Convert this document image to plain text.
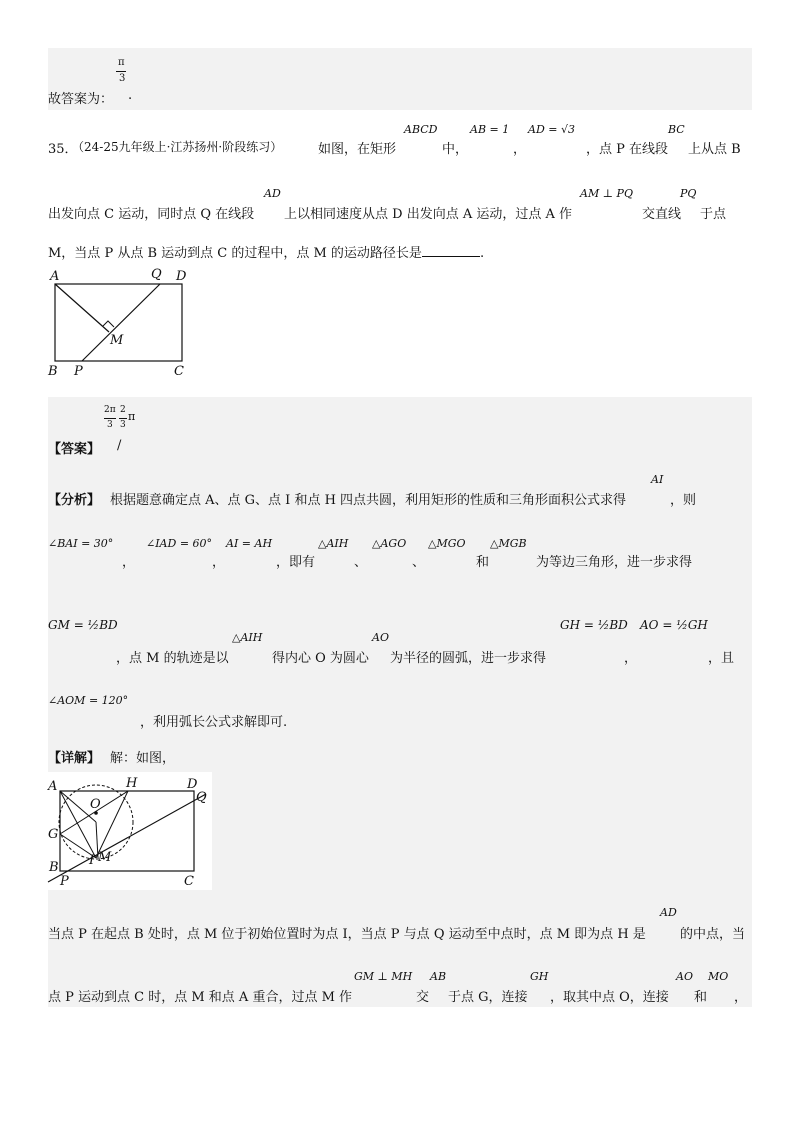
π
3
故答案为： .
35．
（24-25九年级上·江苏扬州·阶段练习）	如图，在矩形
ABCD
中，
AB = 1
，
AD = √3
，点 P 在线段
BC
上从点 B
出发向点 C 运动，同时点 Q 在线段
AD
上以相同速度从点 D 出发向点 A 运动，过点 A 作
AM ⊥ PQ
交直线
PQ
于点
M，当点 P 从点 B 运动到点 C 的过程中，点 M 的运动路径长是	.
A	Q D
M
B P	C
2π
3
2
3
π
【答案】 /
【分析】 根据题意确定点 A、点 G、点 I 和点 H 四点共圆，利用矩形的性质和三角形面积公式求得
AI
，则
∠BAI = 30°
，
∠IAD = 60°
，
AI = AH
，即有
△AIH
、
△AGO
、
△MGO
和
△MGB
为等边三角形，进一步求得
GM = ½BD
，点 M 的轨迹是以
△AIH
得内心 O 为圆心
AO
为半径的圆弧，进一步求得
GH = ½BD
，
AO = ½GH
，且
∠AOM = 120°
，利用弧长公式求解即可.
【详解】 解：如图，
A	H	D
O	Q
G
I M
B
P	C
当点 P 在起点 B 处时，点 M 位于初始位置时为点 I，当点 P 与点 Q 运动至中点时，点 M 即为点 H 是
AD
的中点，当
点 P 运动到点 C 时，点 M 和点 A 重合，过点 M 作
GM ⊥ MH
交
AB
于点 G，连接
GH
，取其中点 O，连接
AO
和
MO
，
